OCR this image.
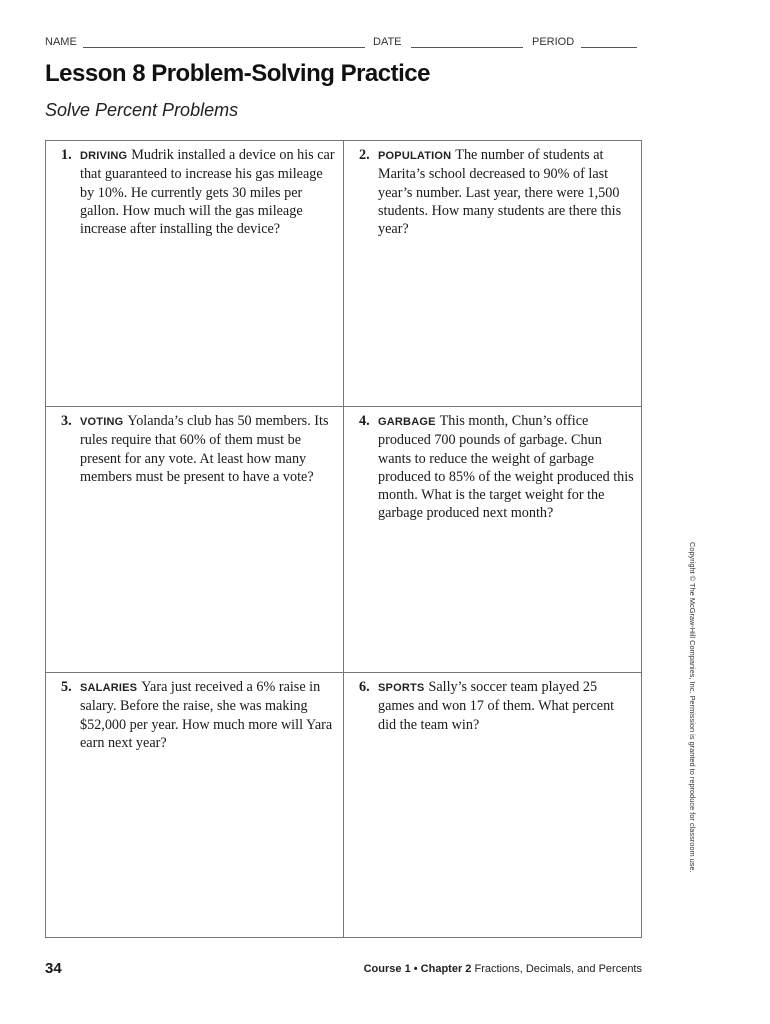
NAME	DATE	PERIOD
Lesson 8 Problem-Solving Practice
Solve Percent Problems
1. DRIVING Mudrik installed a device on his car that guaranteed to increase his gas mileage by 10%. He currently gets 30 miles per gallon. How much will the gas mileage increase after installing the device?
2. POPULATION The number of students at Marita’s school decreased to 90% of last year’s number. Last year, there were 1,500 students. How many students are there this year?
3. VOTING Yolanda’s club has 50 members. Its rules require that 60% of them must be present for any vote. At least how many members must be present to have a vote?
4. GARBAGE This month, Chun’s office produced 700 pounds of garbage. Chun wants to reduce the weight of garbage produced to 85% of the weight produced this month. What is the target weight for the garbage produced next month?
5. SALARIES Yara just received a 6% raise in salary. Before the raise, she was making $52,000 per year. How much more will Yara earn next year?
6. SPORTS Sally’s soccer team played 25 games and won 17 of them. What percent did the team win?	Copyright © The McGraw-Hill Companies, Inc. Permission is granted to reproduce for classroom use.
34	Course 1 • Chapter 2 Fractions, Decimals, and Percents
